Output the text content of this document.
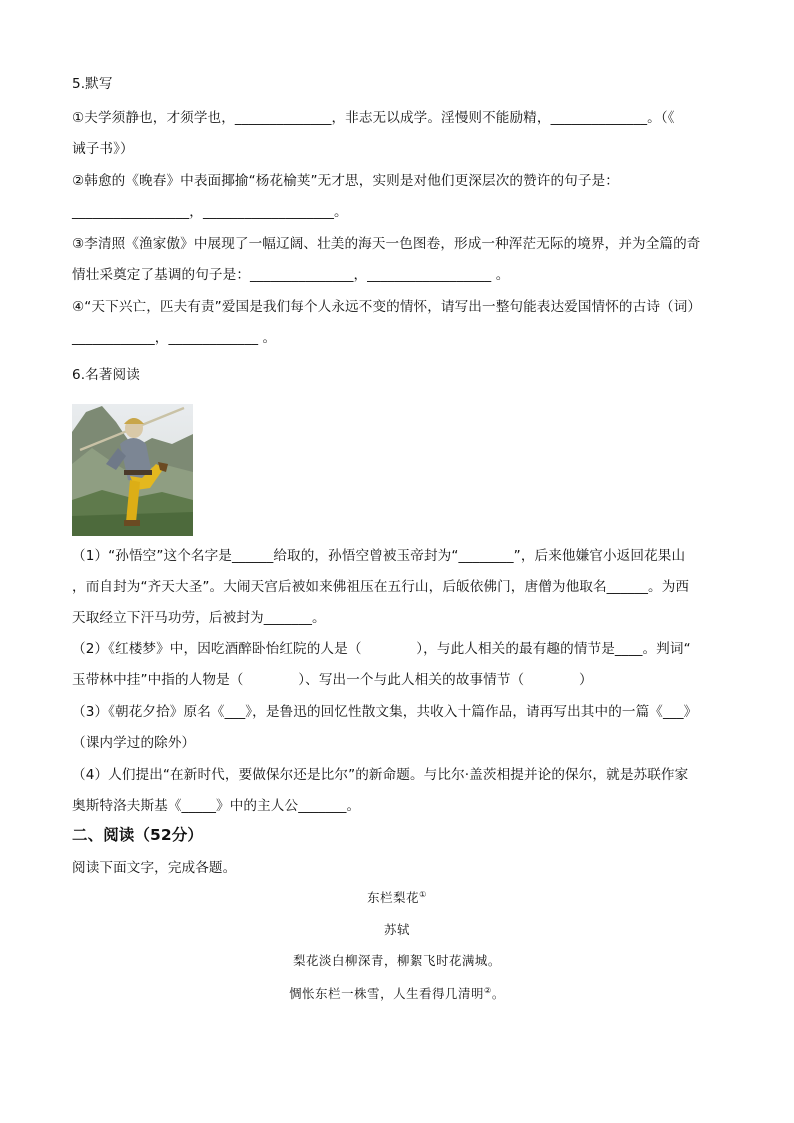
5.默写
①夫学须静也，才须学也，______________，非志无以成学。淫慢则不能励精，______________。（《
诫子书》）
②韩愈的《晚春》中表面揶揄“杨花榆荚”无才思，实则是对他们更深层次的赞许的句子是：
_________________，___________________。
③李清照《渔家傲》中展现了一幅辽阔、壮美的海天一色图卷，形成一种浑茫无际的境界，并为全篇的奇
情壮采奠定了基调的句子是：_______________，__________________ 。
④“天下兴亡，匹夫有责”爱国是我们每个人永远不变的情怀，请写出一整句能表达爱国情怀的古诗（词）
____________，_____________ 。
6.名著阅读
（1）“孙悟空”这个名字是______给取的，孙悟空曾被玉帝封为“________”，后来他嫌官小返回花果山
，而自封为“齐天大圣”。大闹天宫后被如来佛祖压在五行山，后皈依佛门，唐僧为他取名______。为西
天取经立下汗马功劳，后被封为_______。
（2）《红楼梦》中，因吃酒醉卧怡红院的人是（　　　　），与此人相关的最有趣的情节是____。判词“
玉带林中挂”中指的人物是（　　　　）、写出一个与此人相关的故事情节（　　　　）
（3）《朝花夕拾》原名《___》，是鲁迅的回忆性散文集，共收入十篇作品，请再写出其中的一篇《___》
（课内学过的除外）
（4）人们提出“在新时代，要做保尔还是比尔”的新命题。与比尔·盖茨相提并论的保尔，就是苏联作家
奥斯特洛夫斯基《_____》中的主人公_______。
二、阅读（52分）
阅读下面文字，完成各题。
东栏梨花①
苏轼
梨花淡白柳深青，柳絮飞时花满城。
惆怅东栏一株雪，人生看得几清明②。
